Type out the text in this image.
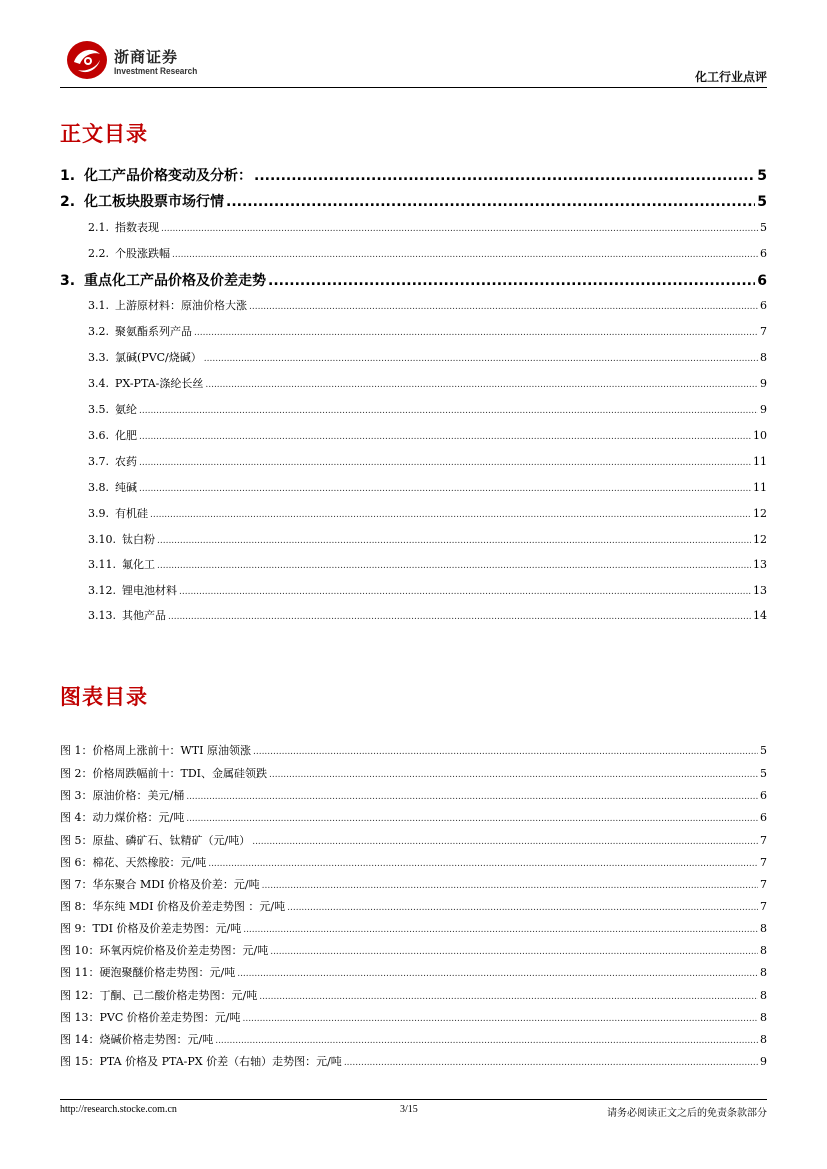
浙商证券
Investment Research	化工行业点评
正文目录
1. 化工产品价格变动及分析： .....	5
2. 化工板块股票市场行情 .....	5
2.1. 指数表现 .....	5
2.2. 个股涨跌幅 .....	6
3. 重点化工产品价格及价差走势 .....	6
3.1. 上游原材料：原油价格大涨 .....	6
3.2. 聚氨酯系列产品 .....	7
3.3. 氯碱(PVC/烧碱） .....	8
3.4. PX-PTA-涤纶长丝 .....	9
3.5. 氨纶 .....	9
3.6. 化肥 .....	10
3.7. 农药 .....	11
3.8. 纯碱 .....	11
3.9. 有机硅 .....	12
3.10. 钛白粉 .....	12
3.11. 氟化工 .....	13
3.12. 锂电池材料 .....	13
3.13. 其他产品 .....	14
图表目录
图 1：价格周上涨前十：WTI 原油领涨 .....	5
图 2：价格周跌幅前十：TDI、金属硅领跌 .....	5
图 3：原油价格：美元/桶 .....	6
图 4：动力煤价格：元/吨 .....	6
图 5：原盐、磷矿石、钛精矿（元/吨） .....	7
图 6：棉花、天然橡胶：元/吨 .....	7
图 7：华东聚合 MDI 价格及价差：元/吨 .....	7
图 8：华东纯 MDI 价格及价差走势图 ：元/吨 .....	7
图 9：TDI 价格及价差走势图：元/吨 .....	8
图 10：环氧丙烷价格及价差走势图：元/吨 .....	8
图 11：硬泡聚醚价格走势图：元/吨 .....	8
图 12：丁酮、己二酸价格走势图：元/吨 .....	8
图 13：PVC 价格价差走势图：元/吨 .....	8
图 14：烧碱价格走势图：元/吨 .....	8
图 15：PTA 价格及 PTA-PX 价差（右轴）走势图：元/吨 .....	9
http://research.stocke.com.cn	3/15	请务必阅读正文之后的免责条款部分
